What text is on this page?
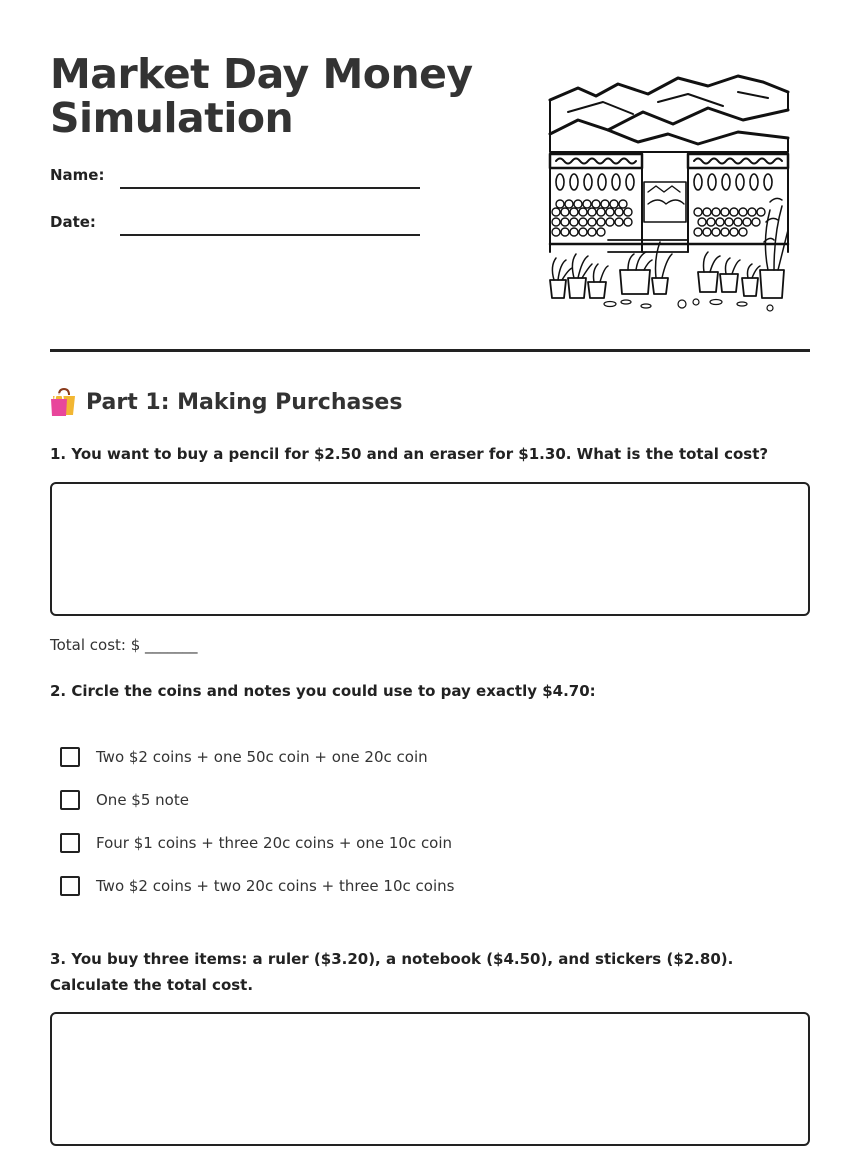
Market Day Money Simulation
Name:
Date:
Part 1: Making Purchases

1. You want to buy a pencil for $2.50 and an eraser for $1.30. What is the total cost?

Total cost: $ _______

2. Circle the coins and notes you could use to pay exactly $4.70:

Two $2 coins + one 50c coin + one 20c coin
One $5 note
Four $1 coins + three 20c coins + one 10c coin
Two $2 coins + two 20c coins + three 10c coins

3. You buy three items: a ruler ($3.20), a notebook ($4.50), and stickers ($2.80). Calculate the total cost.
